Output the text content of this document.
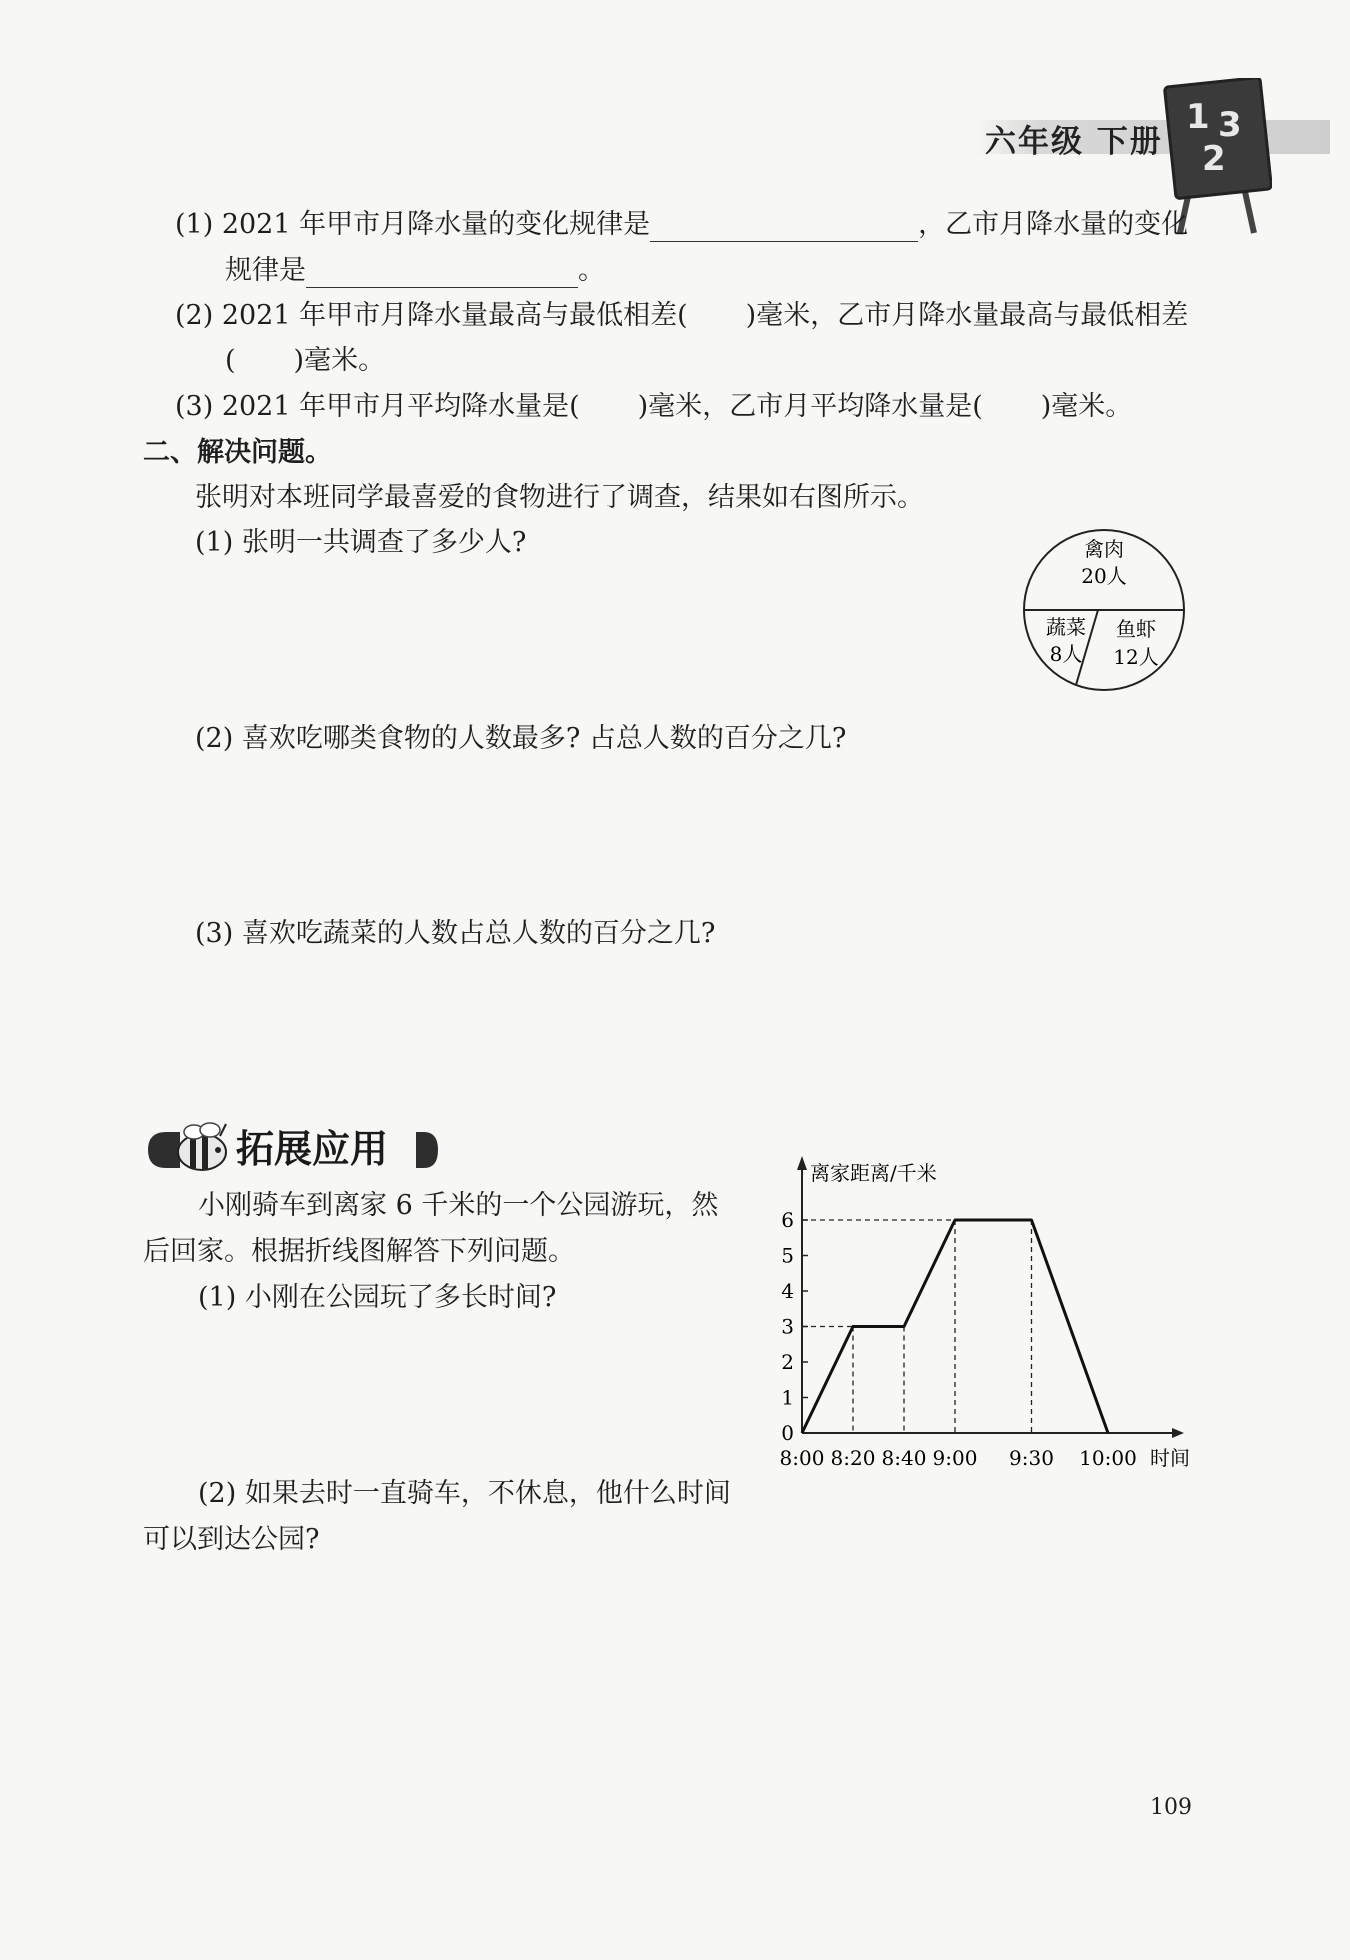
六年级 下册
1 3
2
(1) 2021 年甲市月降水量的变化规律是	，乙市月降水量的变化
规律是	。
(2) 2021 年甲市月降水量最高与最低相差( )毫米，乙市月降水量最高与最低相差
( )毫米。
(3) 2021 年甲市月平均降水量是( )毫米，乙市月平均降水量是( )毫米。
二、解决问题。
张明对本班同学最喜爱的食物进行了调查，结果如右图所示。
(1) 张明一共调查了多少人?
(2) 喜欢吃哪类食物的人数最多? 占总人数的百分之几?
(3) 喜欢吃蔬菜的人数占总人数的百分之几?
禽肉
20人
蔬菜
8人
鱼虾
12人
拓展应用
小刚骑车到离家 6 千米的一个公园游玩，然
后回家。根据折线图解答下列问题。
(1) 小刚在公园玩了多长时间?
(2) 如果去时一直骑车，不休息，他什么时间
可以到达公园?
0
1
2
3
4
5
6
8:00 8:20 8:40 9:00 9:30 10:00
离家距离/千米
时间
109
